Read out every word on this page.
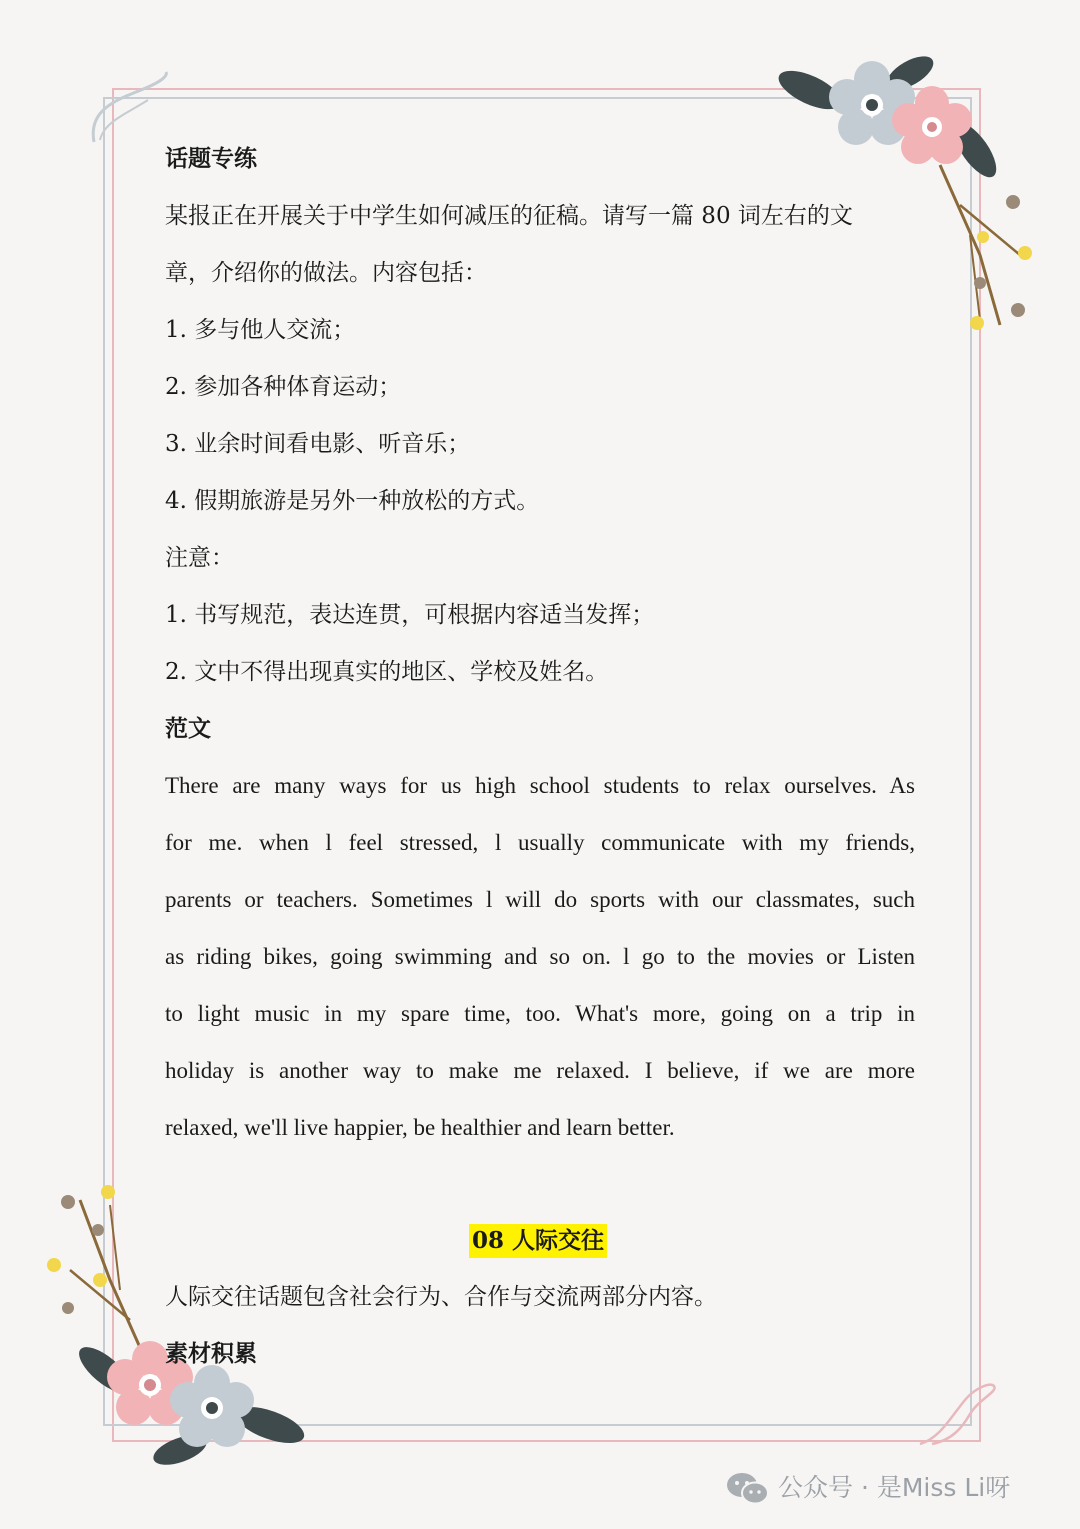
话题专练
某报正在开展关于中学生如何减压的征稿。请写一篇 80 词左右的文
章，介绍你的做法。内容包括：
1. 多与他人交流；
2. 参加各种体育运动；
3. 业余时间看电影、听音乐；
4. 假期旅游是另外一种放松的方式。
注意：
1. 书写规范，表达连贯，可根据内容适当发挥；
2. 文中不得出现真实的地区、学校及姓名。
范文
There are many ways for us high school students to relax ourselves. As
for me. when l feel stressed, l usually communicate with my friends,
parents or teachers. Sometimes l will do sports with our classmates, such
as riding bikes, going swimming and so on. l go to the movies or Listen
to light music in my spare time, too. What's more, going on a trip in
holiday is another way to make me relaxed. I believe, if we are more
relaxed, we'll live happier, be healthier and learn better.
08 人际交往
人际交往话题包含社会行为、合作与交流两部分内容。
素材积累
公众号 · 是Miss Li呀
